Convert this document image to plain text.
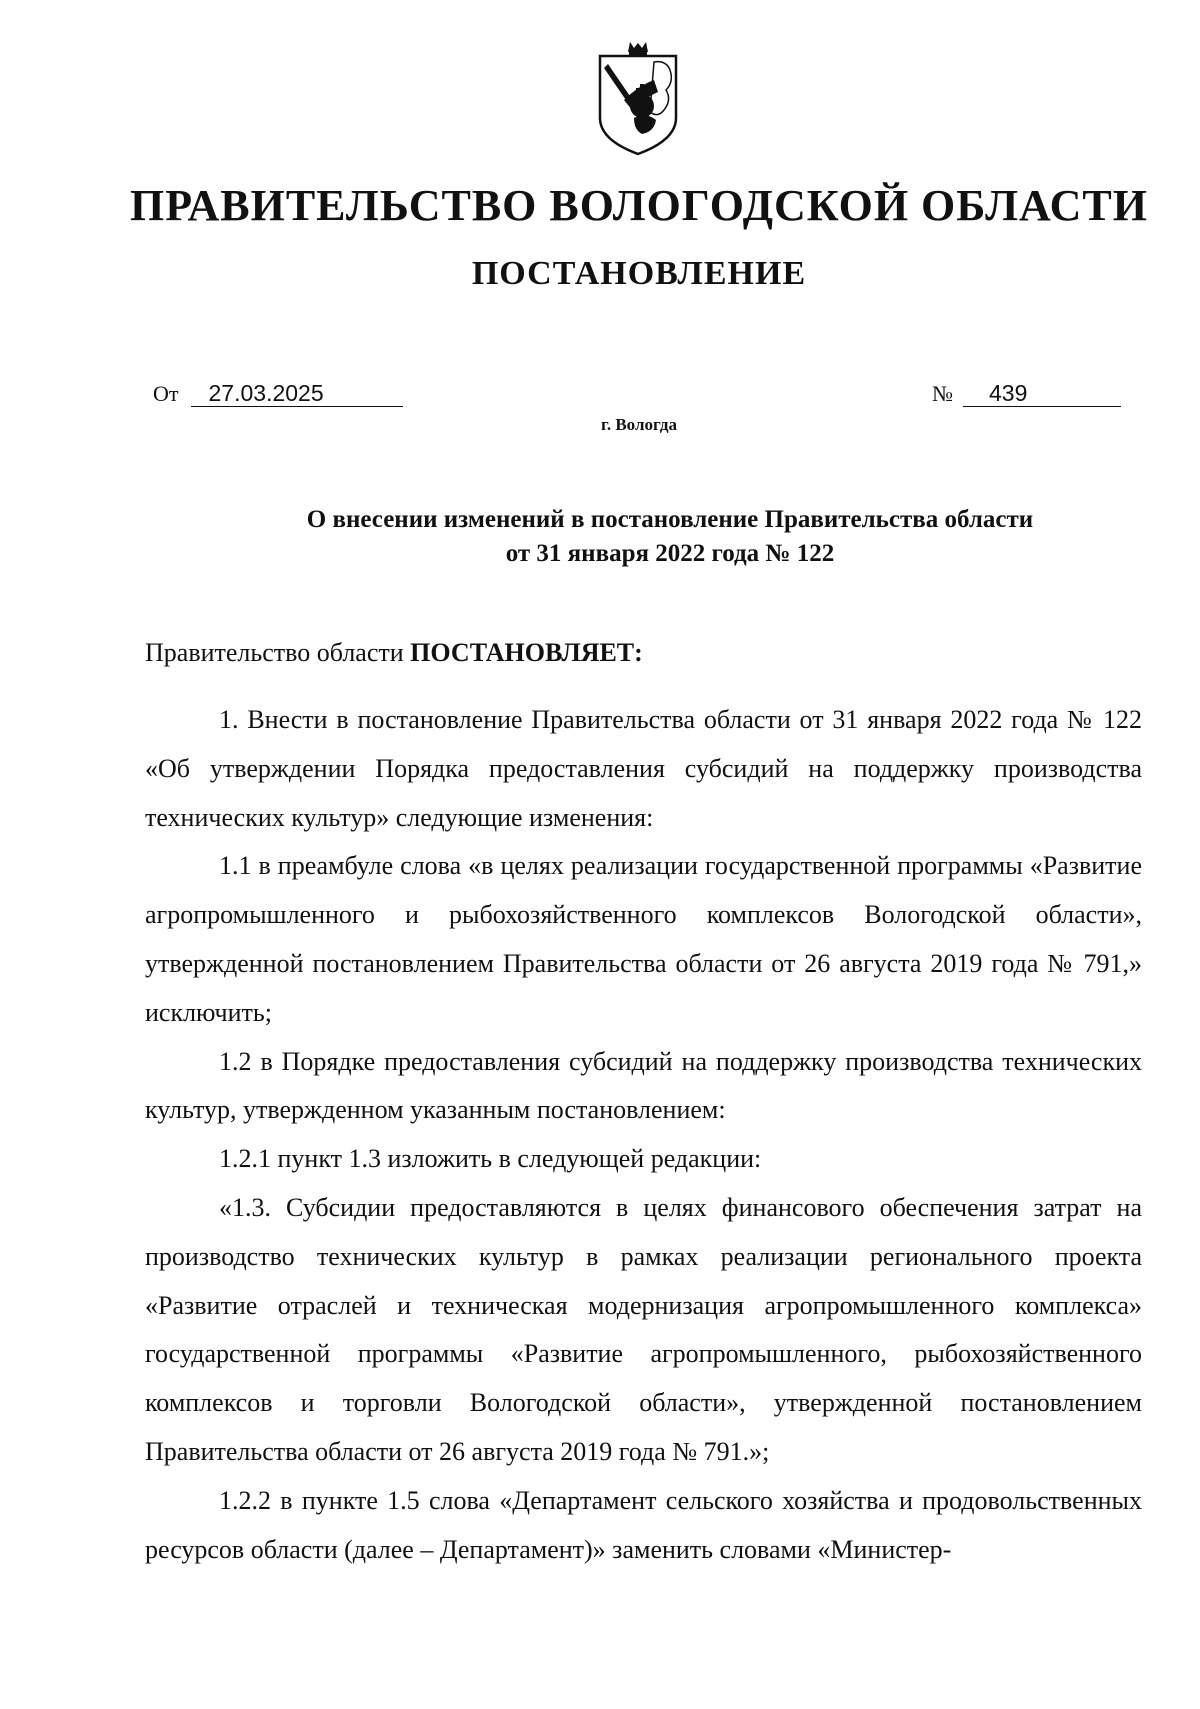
ПРАВИТЕЛЬСТВО ВОЛОГОДСКОЙ ОБЛАСТИ
ПОСТАНОВЛЕНИЕ
От 27.03.2025	№ 439
г. Вологда
О внесении изменений в постановление Правительства области
от 31 января 2022 года № 122
Правительство области ПОСТАНОВЛЯЕТ:

1. Внести в постановление Правительства области от 31 января 2022 года № 122 «Об утверждении Порядка предоставления субсидий на поддержку производства технических культур» следующие изменения:

1.1 в преамбуле слова «в целях реализации государственной программы «Развитие агропромышленного и рыбохозяйственного комплексов Вологодской области», утвержденной постановлением Правительства области от 26 августа 2019 года № 791,» исключить;

1.2 в Порядке предоставления субсидий на поддержку производства технических культур, утвержденном указанным постановлением:

1.2.1 пункт 1.3 изложить в следующей редакции:

«1.3. Субсидии предоставляются в целях финансового обеспечения затрат на производство технических культур в рамках реализации регионального проекта «Развитие отраслей и техническая модернизация агропромышленного комплекса» государственной программы «Развитие агропромышленного, рыбохозяйственного комплексов и торговли Вологодской области», утвержденной постановлением Правительства области от 26 августа 2019 года № 791.»;

1.2.2 в пункте 1.5 слова «Департамент сельского хозяйства и продовольственных ресурсов области (далее – Департамент)» заменить словами «Министер-
